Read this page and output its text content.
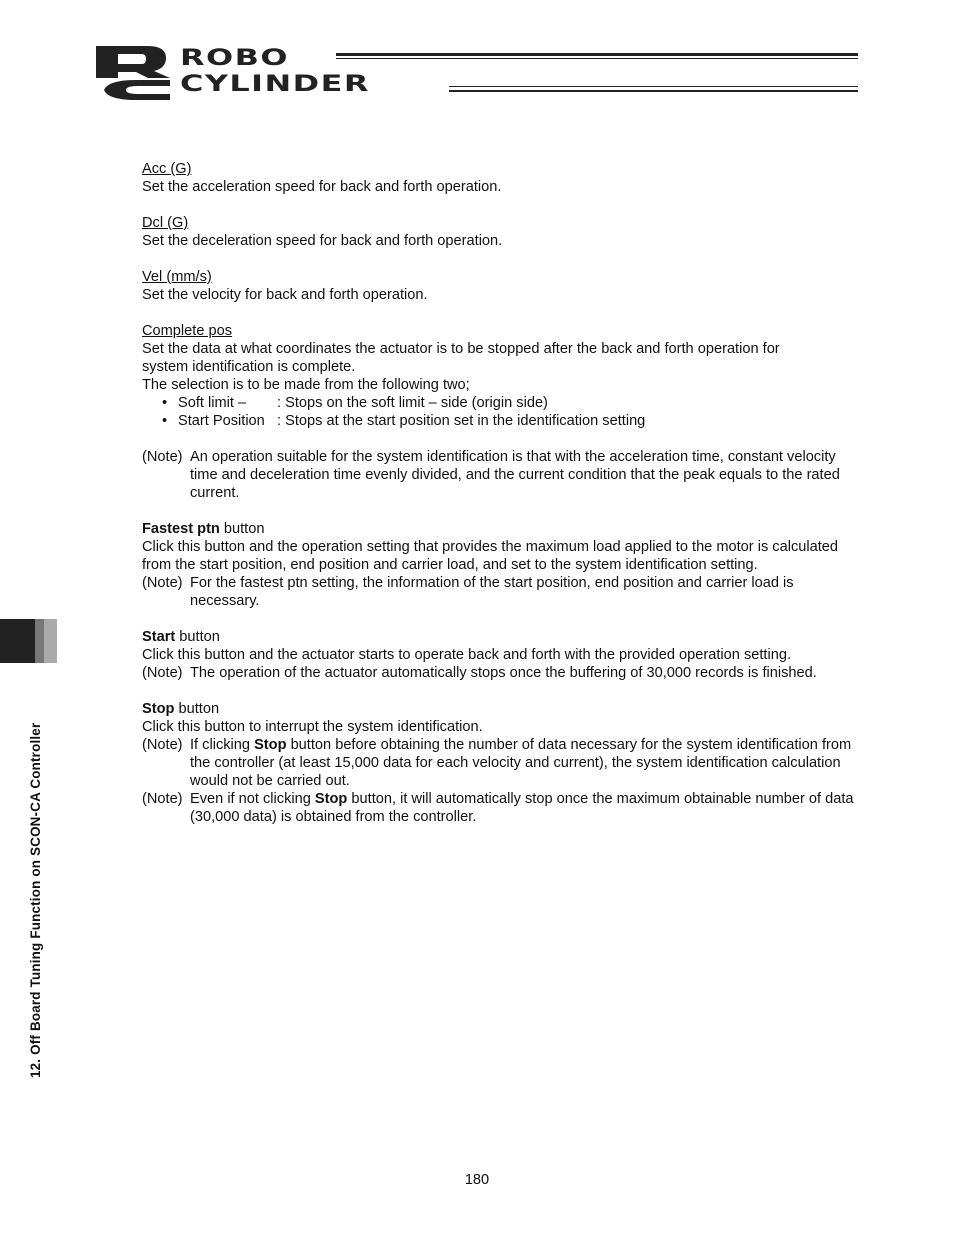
ROBO
CYLINDER
12. Off Board Tuning Function on SCON-CA Controller

Acc (G)

Set the acceleration speed for back and forth operation.

Dcl (G)

Set the deceleration speed for back and forth operation.

Vel (mm/s)

Set the velocity for back and forth operation.

Complete pos

Set the data at what coordinates the actuator is to be stopped after the back and forth operation for

system identification is complete.

The selection is to be made from the following two;

• Soft limit –	: Stops on the soft limit – side (origin side)
• Start Position : Stops at the start position set in the identification setting
(Note) An operation suitable for the system identification is that with the acceleration time, constant velocity time and deceleration time evenly divided, and the current condition that the peak equals to the rated current.

Fastest ptn button

Click this button and the operation setting that provides the maximum load applied to the motor is calculated from the start position, end position and carrier load, and set to the system identification setting.

(Note) For the fastest ptn setting, the information of the start position, end position and carrier load is necessary.

Start button

Click this button and the actuator starts to operate back and forth with the provided operation setting.

(Note) The operation of the actuator automatically stops once the buffering of 30,000 records is finished.

Stop button

Click this button to interrupt the system identification.

(Note) If clicking Stop button before obtaining the number of data necessary for the system identification from the controller (at least 15,000 data for each velocity and current), the system identification calculation would not be carried out.
(Note) Even if not clicking Stop button, it will automatically stop once the maximum obtainable number of data (30,000 data) is obtained from the controller.
180
